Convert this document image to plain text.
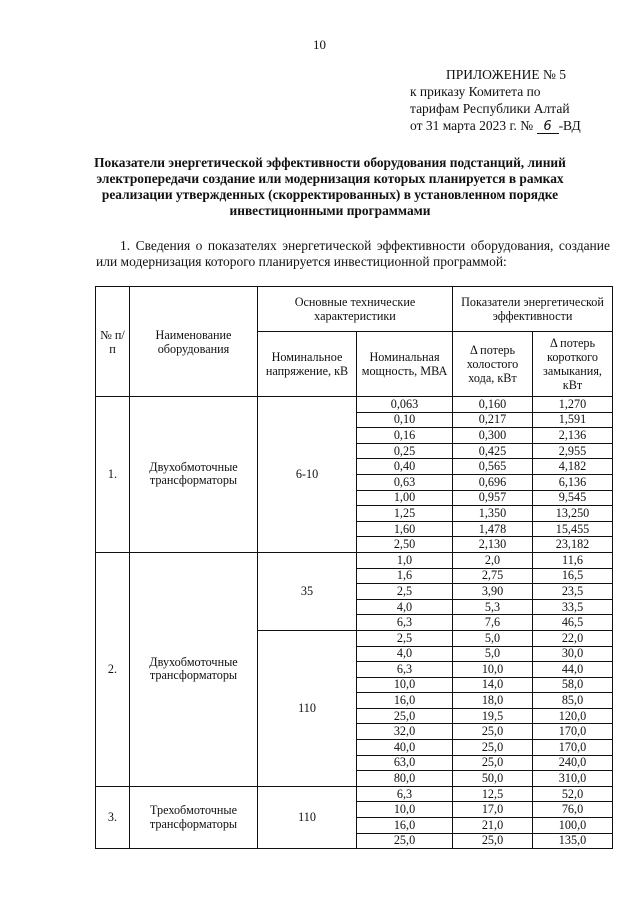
10
ПРИЛОЖЕНИЕ № 5
к приказу Комитета по
тарифам Республики Алтай
от 31 марта 2023 г. № 6 -ВД
Показатели энергетической эффективности оборудования подстанций, линий электропередачи создание или модернизация которых планируется в рамках реализации утвержденных (скорректированных) в установленном порядке инвестиционными программами

1. Сведения о показателях энергетической эффективности оборудования, создание или модернизация которого планируется инвестиционной программой:

№ п/п	Наименование оборудования	Основные технические характеристики		Показатели энергетической эффективности	
		Номинальное напряжение, кВ	Номинальная мощность, МВА	Δ потерь холостого хода, кВт	Δ потерь короткого замыкания, кВт
1.	Двухобмоточные трансформаторы	6-10	0,063	0,160	1,270
			0,10	0,217	1,591
			0,16	0,300	2,136
			0,25	0,425	2,955
			0,40	0,565	4,182
			0,63	0,696	6,136
			1,00	0,957	9,545
			1,25	1,350	13,250
			1,60	1,478	15,455
			2,50	2,130	23,182
2.	Двухобмоточные трансформаторы	35	1,0	2,0	11,6
			1,6	2,75	16,5
			2,5	3,90	23,5
			4,0	5,3	33,5
			6,3	7,6	46,5
		110	2,5	5,0	22,0
			4,0	5,0	30,0
			6,3	10,0	44,0
			10,0	14,0	58,0
			16,0	18,0	85,0
			25,0	19,5	120,0
			32,0	25,0	170,0
			40,0	25,0	170,0
			63,0	25,0	240,0
			80,0	50,0	310,0
3.	Трехобмоточные трансформаторы	110	6,3	12,5	52,0
			10,0	17,0	76,0
			16,0	21,0	100,0
			25,0	25,0	135,0
